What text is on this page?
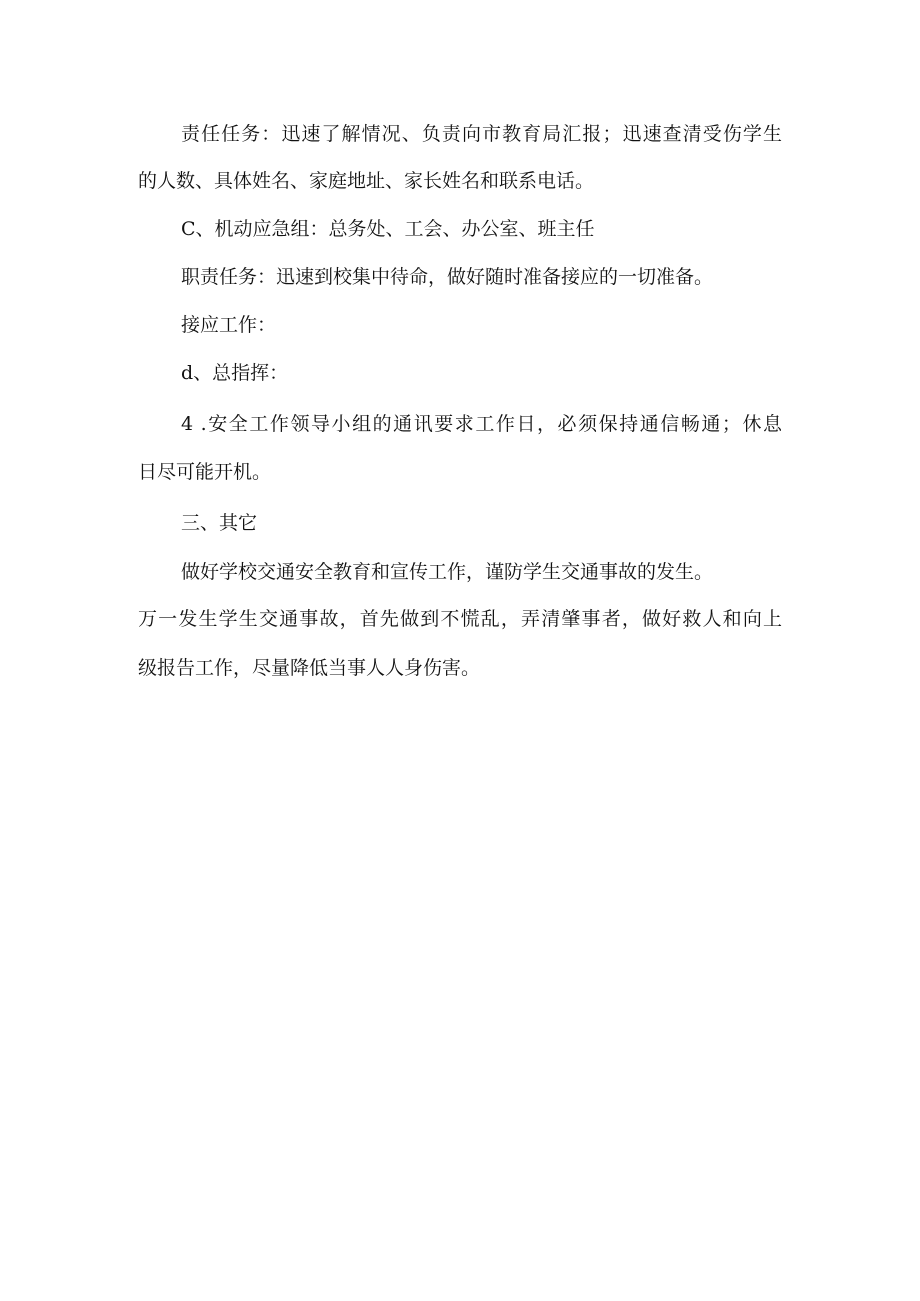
责任任务：迅速了解情况、负责向市教育局汇报；迅速查清受伤学生
的人数、具体姓名、家庭地址、家长姓名和联系电话。
C、机动应急组：总务处、工会、办公室、班主任
职责任务：迅速到校集中待命，做好随时准备接应的一切准备。
接应工作：
d、总指挥：
4 .安全工作领导小组的通讯要求工作日，必须保持通信畅通；休息
日尽可能开机。
三、其它
做好学校交通安全教育和宣传工作，谨防学生交通事故的发生。
万一发生学生交通事故，首先做到不慌乱，弄清肇事者，做好救人和向上
级报告工作，尽量降低当事人人身伤害。
